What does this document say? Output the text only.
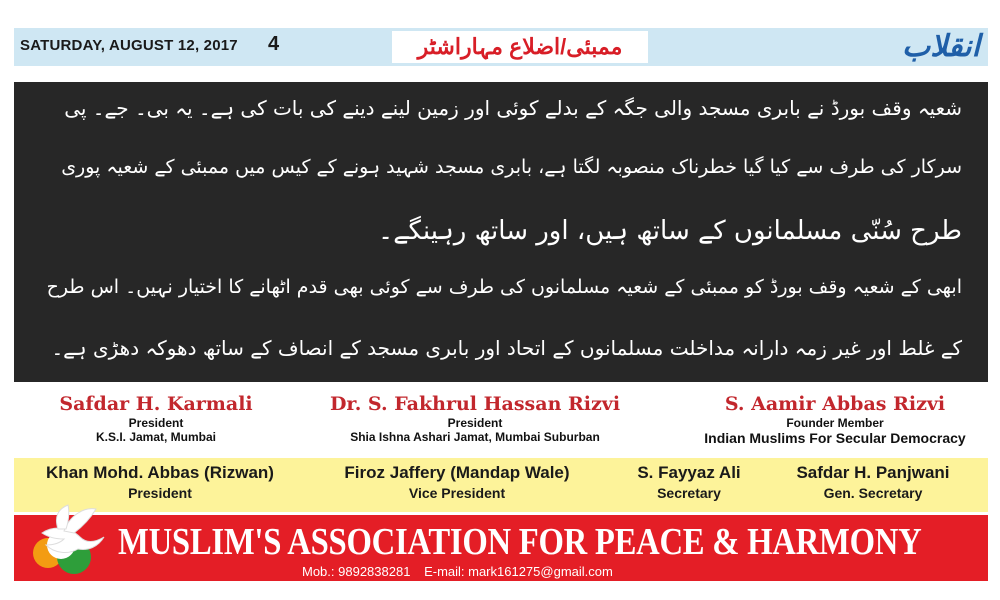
SATURDAY, AUGUST 12, 2017 4	ممبئی/اضلاع مہاراشٹر	انقلاب
شعیہ وقف بورڈ نے بابری مسجد والی جگہ کے بدلے کوئی اور زمین لینے دینے کی بات کی ہے۔ یہ بی۔ جے۔ پی
سرکار کی طرف سے کیا گیا خطرناک منصوبہ لگتا ہے، بابری مسجد شہید ہونے کے کیس میں ممبئی کے شعیہ پوری
طرح سُنّی مسلمانوں کے ساتھ ہیں، اور ساتھ رہینگے۔
ابھی کے شعیہ وقف بورڈ کو ممبئی کے شعیہ مسلمانوں کی طرف سے کوئی بھی قدم اٹھانے کا اختیار نہیں۔ اس طرح
کے غلط اور غیر زمہ دارانہ مداخلت مسلمانوں کے اتحاد اور بابری مسجد کے انصاف کے ساتھ دھوکہ دھڑی ہے۔
Safdar H. Karmali
President
K.S.I. Jamat, Mumbai
Dr. S. Fakhrul Hassan Rizvi
President
Shia Ishna Ashari Jamat, Mumbai Suburban
S. Aamir Abbas Rizvi
Founder Member
Indian Muslims For Secular Democracy
Khan Mohd. Abbas (Rizwan)
President
Firoz Jaffery (Mandap Wale)
Vice President
S. Fayyaz Ali
Secretary
Safdar H. Panjwani
Gen. Secretary
MUSLIM'S ASSOCIATION FOR PEACE & HARMONY
Mob.: 9892838281 E-mail: mark161275@gmail.com
